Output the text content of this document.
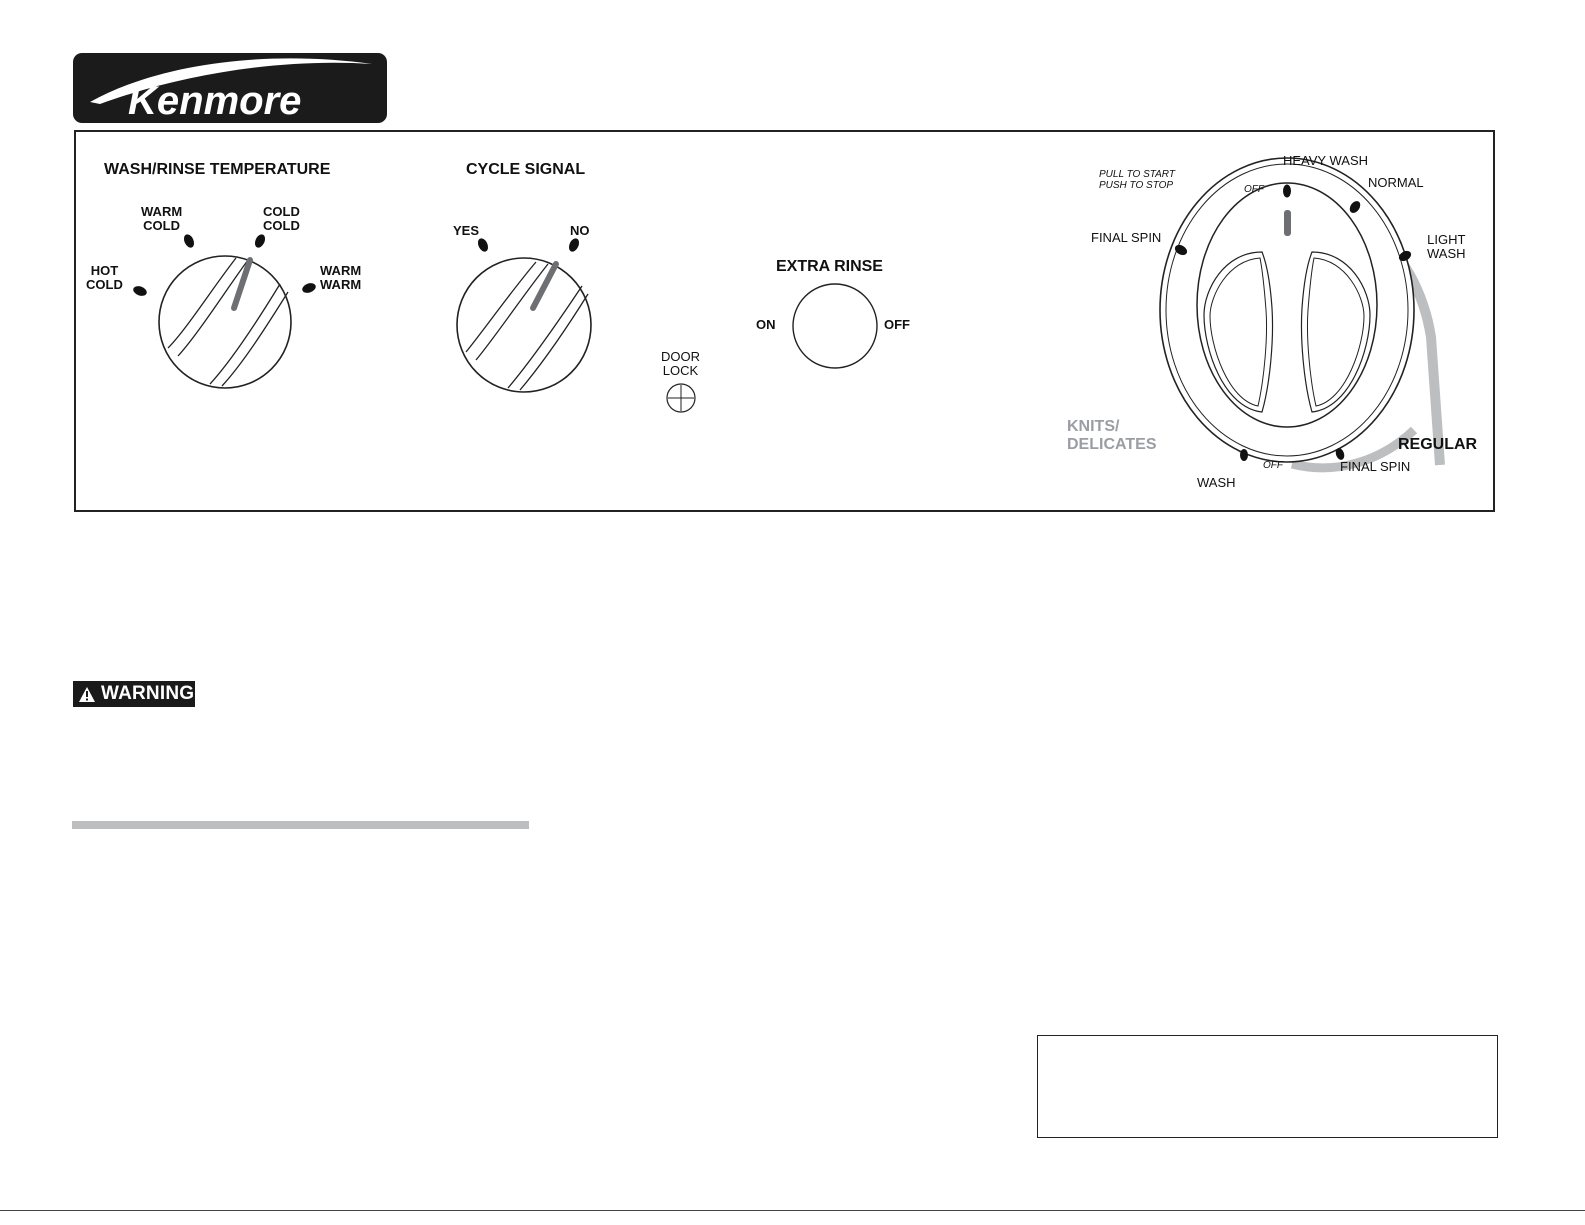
Kenmore
WASH/RINSE TEMPERATURE
HOT
COLD
WARM
COLD
COLD
COLD
WARM
WARM
CYCLE SIGNAL
YES	NO
EXTRA RINSE
ON	OFF
DOOR
LOCK
PULL TO START
PUSH TO STOP	OFF
HEAVY WASH
NORMAL
LIGHT
WASH
FINAL SPIN
KNITS/
DELICATES	REGULAR
OFF	FINAL SPIN
WASH
WARNING
